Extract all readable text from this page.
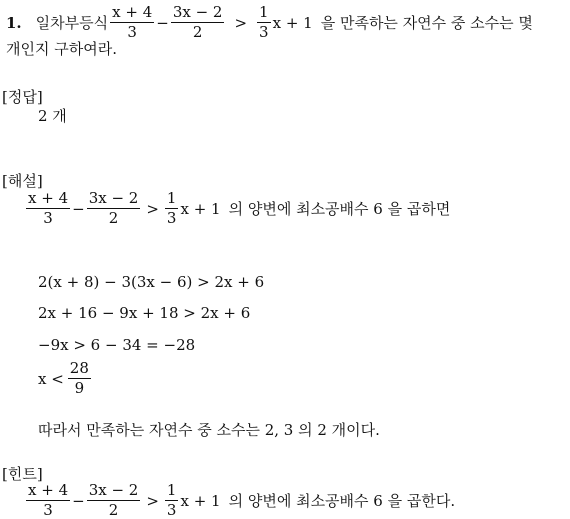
1. 일차부등식 $\frac{x + 4}{3} - \frac{3x - 2}{2} > \frac{1}{3}$ x + 1 을 만족하는 자연수 중 소수는 몇
개인지 구하여라.
[정답]
2 개
[해설]
$\frac{x + 4}{3} - \frac{3x - 2}{2} > \frac{1}{3}$ x + 1 의 양변에 최소공배수 6 을 곱하면
2(x + 8) − 3(3x − 6) > 2x + 6
2x + 16 − 9x + 18 > 2x + 6
−9x > 6 − 34 = −28
$x < \frac{28}{9}$
따라서 만족하는 자연수 중 소수는 2, 3 의 2 개이다.
[힌트]
$\frac{x + 4}{3} - \frac{3x - 2}{2} > \frac{1}{3}$ x + 1 의 양변에 최소공배수 6 을 곱한다.
